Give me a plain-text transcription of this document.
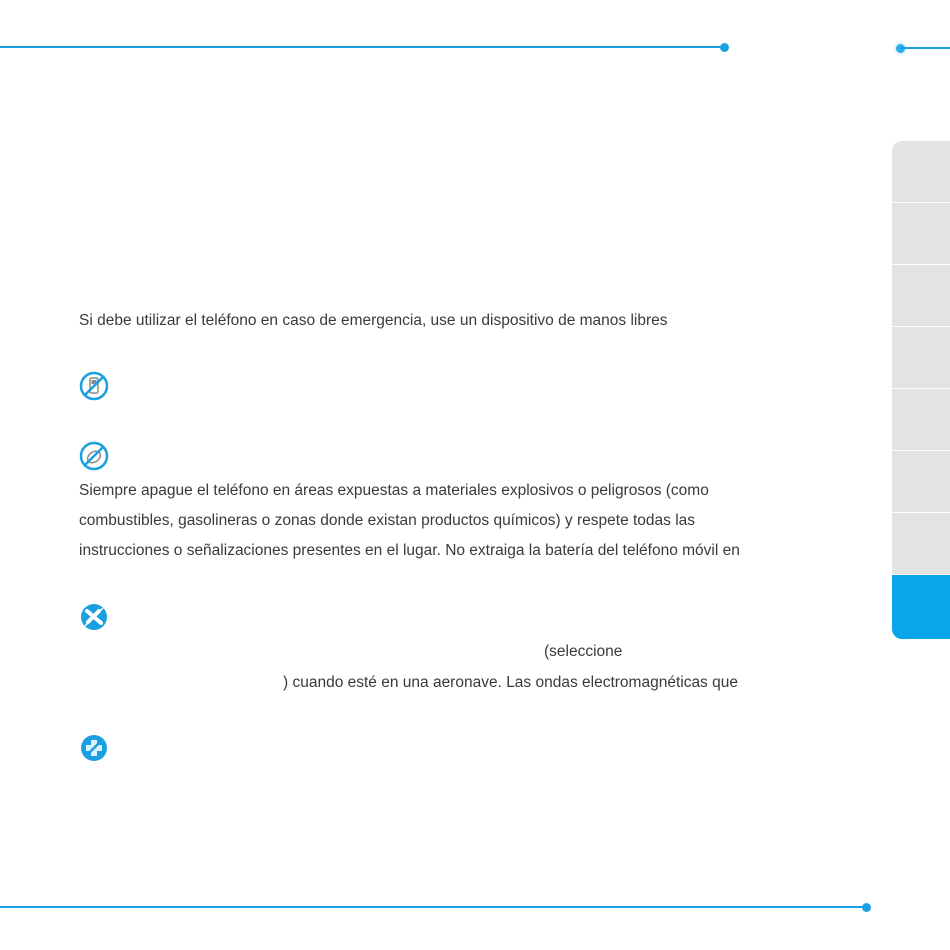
Si debe utilizar el teléfono en caso de emergencia, use un dispositivo de manos libres
Siempre apague el teléfono en áreas expuestas a materiales explosivos o peligrosos (como
combustibles, gasolineras o zonas donde existan productos químicos) y respete todas las
instrucciones o señalizaciones presentes en el lugar. No extraiga la batería del teléfono móvil en
(seleccione
) cuando esté en una aeronave. Las ondas electromagnéticas que
